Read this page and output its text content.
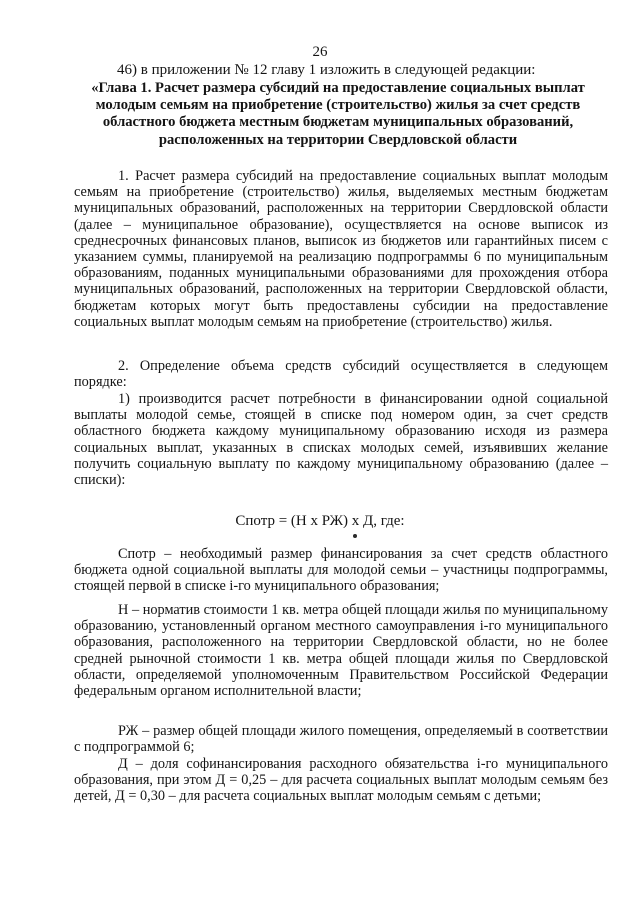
26
46) в приложении № 12 главу 1 изложить в следующей редакции:
«Глава 1. Расчет размера субсидий на предоставление социальных выплат молодым семьям на приобретение (строительство) жилья за счет средств областного бюджета местным бюджетам муниципальных образований, расположенных на территории Свердловской области

1. Расчет размера субсидий на предоставление социальных выплат молодым семьям на приобретение (строительство) жилья, выделяемых местным бюджетам муниципальных образований, расположенных на территории Свердловской области (далее – муниципальное образование), осуществляется на основе выписок из среднесрочных финансовых планов, выписок из бюджетов или гарантийных писем с указанием суммы, планируемой на реализацию подпрограммы 6 по муниципальным образованиям, поданных муниципальными образованиями для прохождения отбора муниципальных образований, расположенных на территории Свердловской области, бюджетам которых могут быть предоставлены субсидии на предоставление социальных выплат молодым семьям на приобретение (строительство) жилья.

2. Определение объема средств субсидий осуществляется в следующем порядке:

1) производится расчет потребности в финансировании одной социальной выплаты молодой семье, стоящей в списке под номером один, за счет средств областного бюджета каждому муниципальному образованию исходя из размера социальных выплат, указанных в списках молодых семей, изъявивших желание получить социальную выплату по каждому муниципальному образованию (далее – списки):

Спотр = (Н х РЖ) х Д, где:

Спотр – необходимый размер финансирования за счет средств областного бюджета одной социальной выплаты для молодой семьи – участницы подпрограммы, стоящей первой в списке i-го муниципального образования;

Н – норматив стоимости 1 кв. метра общей площади жилья по муниципальному образованию, установленный органом местного самоуправления i-го муниципального образования, расположенного на территории Свердловской области, но не более средней рыночной стоимости 1 кв. метра общей площади жилья по Свердловской области, определяемой уполномоченным Правительством Российской Федерации федеральным органом исполнительной власти;

РЖ – размер общей площади жилого помещения, определяемый в соответствии с подпрограммой 6;

Д – доля софинансирования расходного обязательства i-го муниципального образования, при этом Д = 0,25 – для расчета социальных выплат молодым семьям без детей, Д = 0,30 – для расчета социальных выплат молодым семьям с детьми;
